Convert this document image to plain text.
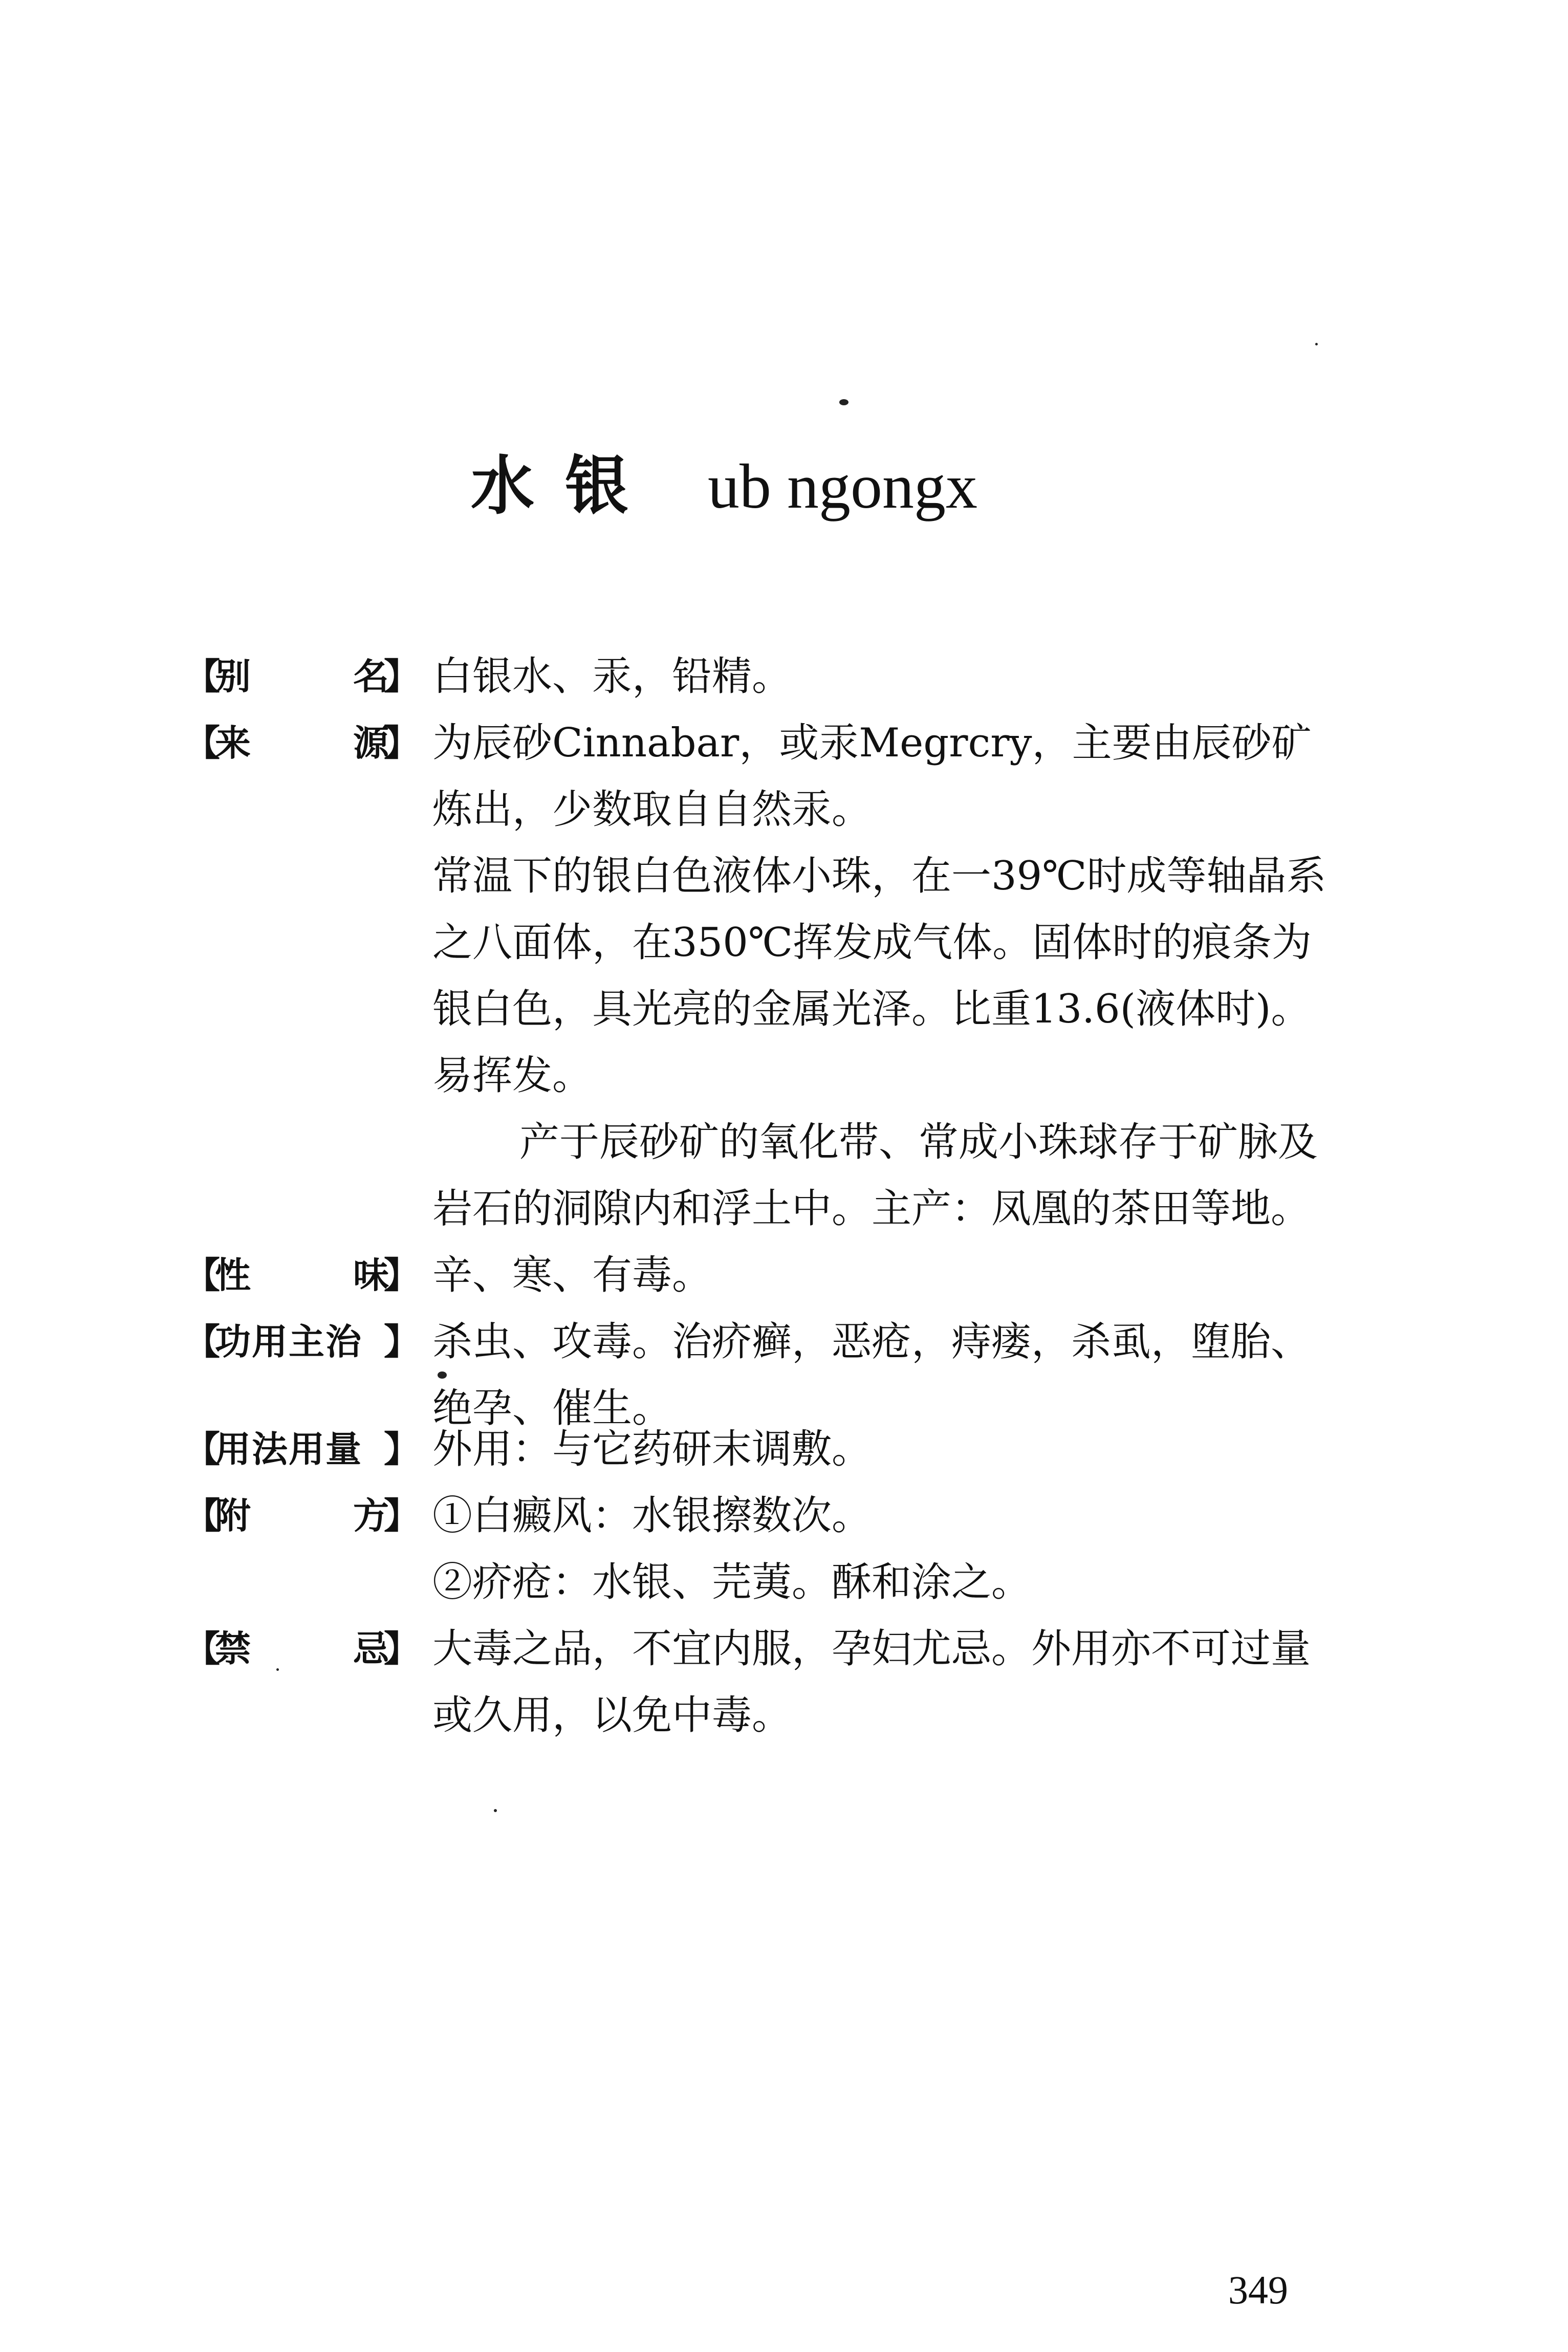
水银 ub ngongx
【
别	名
】 白银水、汞，铅精。
【
来	源
】 为辰砂Cinnabar，或汞Megrcry，主要由辰砂矿
炼出，少数取自自然汞。
常温下的银白色液体小珠，在一39℃时成等轴晶系
之八面体，在350℃挥发成气体。固体时的痕条为
银白色，具光亮的金属光泽。比重13.6(液体时)。
易挥发。
产于辰砂矿的氧化带、常成小珠球存于矿脉及
岩石的洞隙内和浮土中。主产：凤凰的茶田等地。
【
性	味
】 辛、寒、有毒。
【
功用主治 】 杀虫、攻毒。治疥癣，恶疮，痔瘘，杀虱，堕胎、
绝孕、催生。
【
用法用量 】 外用：与它药研末调敷。
【
附	方
】 ①白癜风：水银擦数次。
②疥疮：水银、芫荑。酥和涂之。
【
禁	忌
】 大毒之品，不宜内服，孕妇尤忌。外用亦不可过量
或久用，以免中毒。
349
